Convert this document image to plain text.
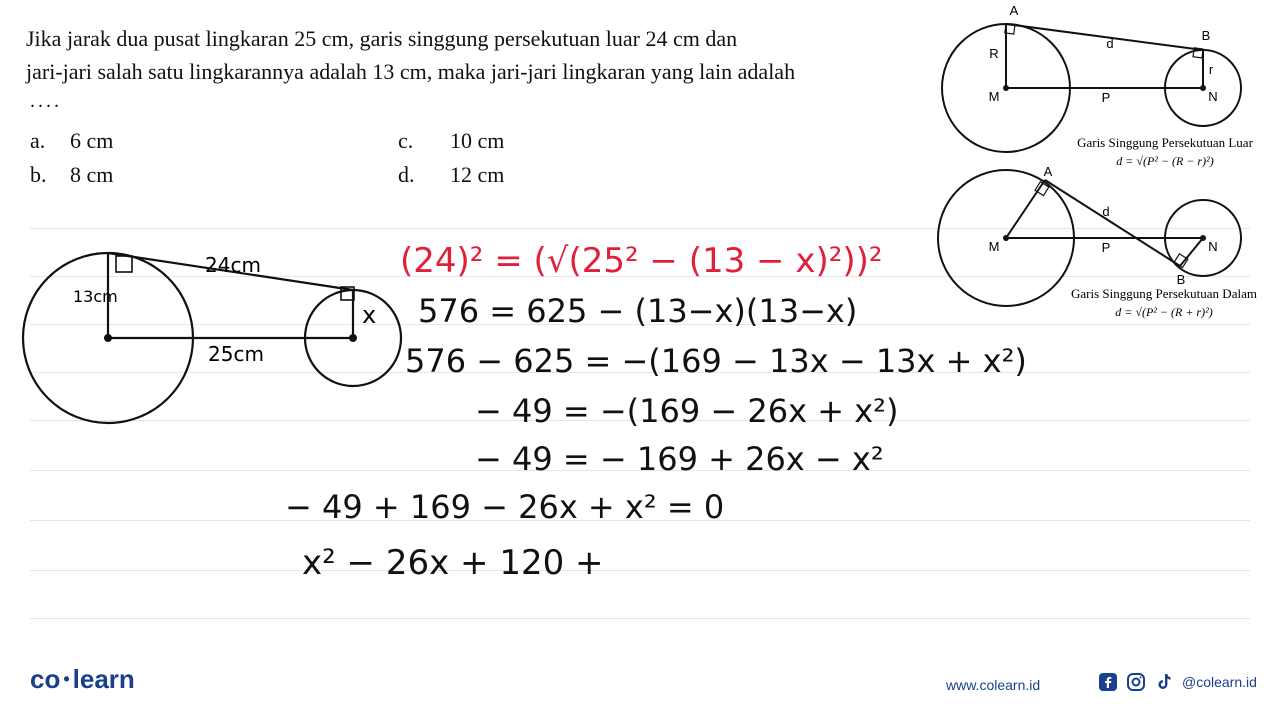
Jika jarak dua pusat lingkaran 25 cm, garis singgung persekutuan luar 24 cm dan

jari-jari salah satu lingkarannya adalah 13 cm, maka jari-jari lingkaran yang lain adalah

....
a. 6 cm
b. 8 cm
c. 10 cm
d. 12 cm
A
B
R
r
d
M	P	N
Garis Singgung Persekutuan Luar
d = √(P² − (R − r)²)
A
B
d
M	P	N
Garis Singgung Persekutuan Dalam
d = √(P² − (R + r)²)
24cm
13cm
25cm
x
(24)² = (√(25² − (13 − x)²))²
576 = 625 − (13−x)(13−x)
576 − 625 = −(169 − 13x − 13x + x²)
− 49 = −(169 − 26x + x²)
− 49 = − 169 + 26x − x²
− 49 + 169 − 26x + x² = 0
x² − 26x + 120 +
co • learn	www.colearn.id	@colearn.id
